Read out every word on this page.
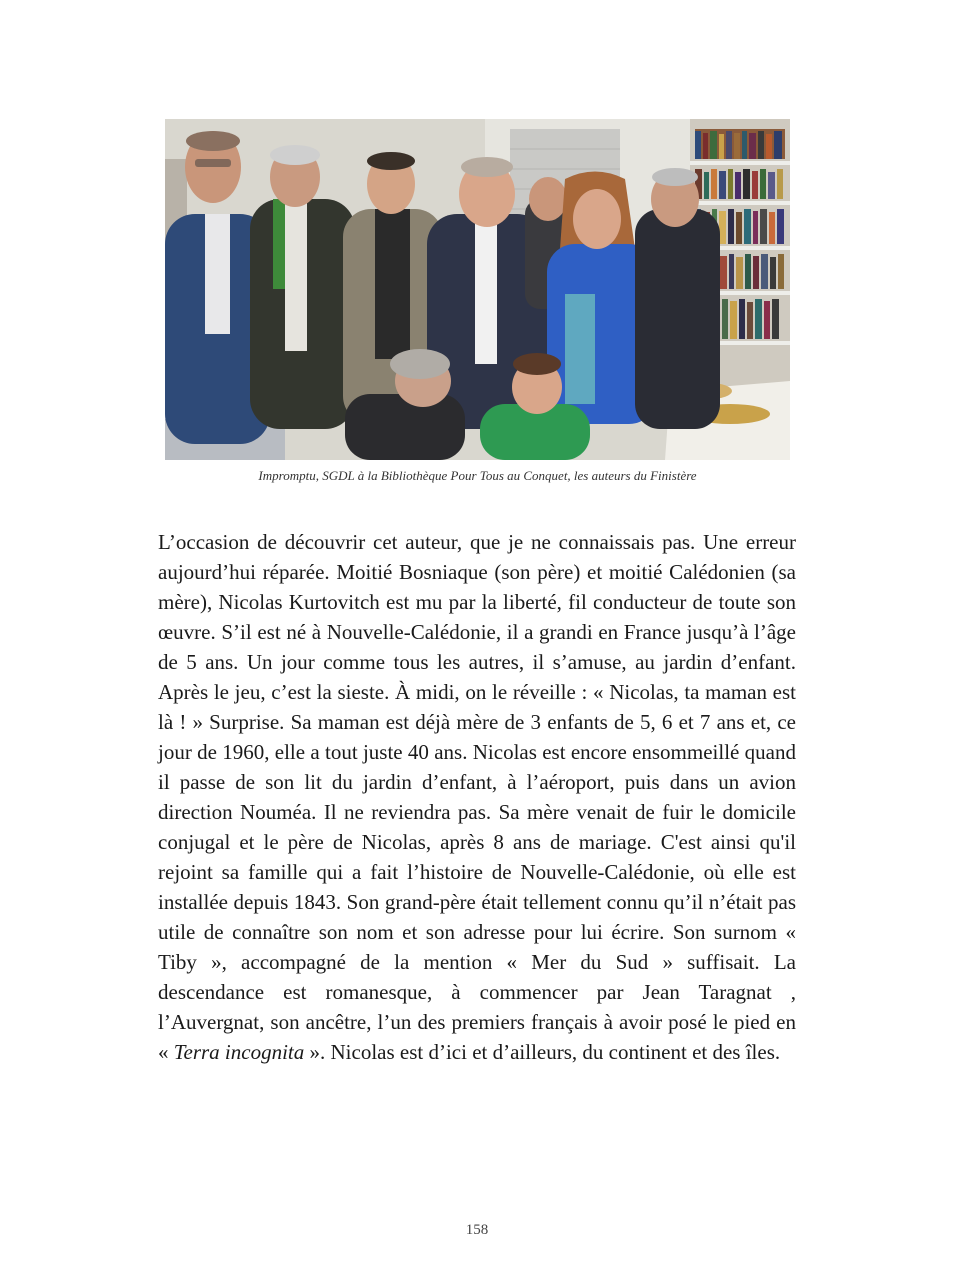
Impromptu, SGDL à la Bibliothèque Pour Tous au Conquet, les auteurs du Finistère

L’occasion de découvrir cet auteur, que je ne connaissais pas. Une erreur aujourd’hui réparée. Moitié Bosniaque (son père) et moitié Calédonien (sa mère), Nicolas Kurtovitch est mu par la liberté, fil conducteur de toute son œuvre. S’il est né à Nouvelle-Calédonie, il a grandi en France jusqu’à l’âge de 5 ans. Un jour comme tous les autres, il s’amuse, au jardin d’enfant. Après le jeu, c’est la sieste. À midi, on le réveille : « Nicolas, ta maman est là ! » Surprise. Sa maman est déjà mère de 3 enfants de 5, 6 et 7 ans et, ce jour de 1960, elle a tout juste 40 ans. Nicolas est encore ensommeillé quand il passe de son lit du jardin d’enfant, à l’aéroport, puis dans un avion direction Nouméa. Il ne reviendra pas. Sa mère venait de fuir le domicile conjugal et le père de Nicolas, après 8 ans de mariage. C'est ainsi qu'il rejoint sa famille qui a fait l’histoire de Nouvelle-Calédonie, où elle est installée depuis 1843. Son grand-père était tellement connu qu’il n’était pas utile de connaître son nom et son adresse pour lui écrire. Son surnom « Tiby », accompagné de la mention « Mer du Sud » suffisait. La descendance est romanesque, à commencer par Jean Taragnat , l’Auvergnat, son ancêtre, l’un des premiers français à avoir posé le pied en « Terra incognita ». Nicolas est d’ici et d’ailleurs, du continent et des îles.

158
